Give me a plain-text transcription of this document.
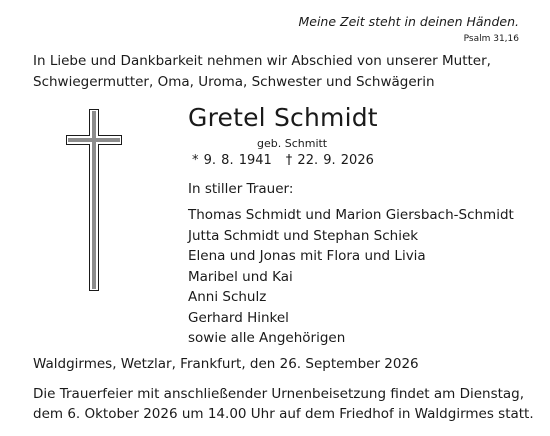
Meine Zeit steht in deinen Händen.
Psalm 31,16
In Liebe und Dankbarkeit nehmen wir Abschied von unserer Mutter,
Schwiegermutter, Oma, Uroma, Schwester und Schwägerin
Gretel Schmidt
geb. Schmitt
* 9. 8. 1941 † 22. 9. 2026
In stiller Trauer:
Thomas Schmidt und Marion Giersbach-Schmidt
Jutta Schmidt und Stephan Schiek
Elena und Jonas mit Flora und Livia
Maribel und Kai
Anni Schulz
Gerhard Hinkel
sowie alle Angehörigen
Waldgirmes, Wetzlar, Frankfurt, den 26. September 2026
Die Trauerfeier mit anschließender Urnenbeisetzung findet am Dienstag,
dem 6. Oktober 2026 um 14.00 Uhr auf dem Friedhof in Waldgirmes statt.
